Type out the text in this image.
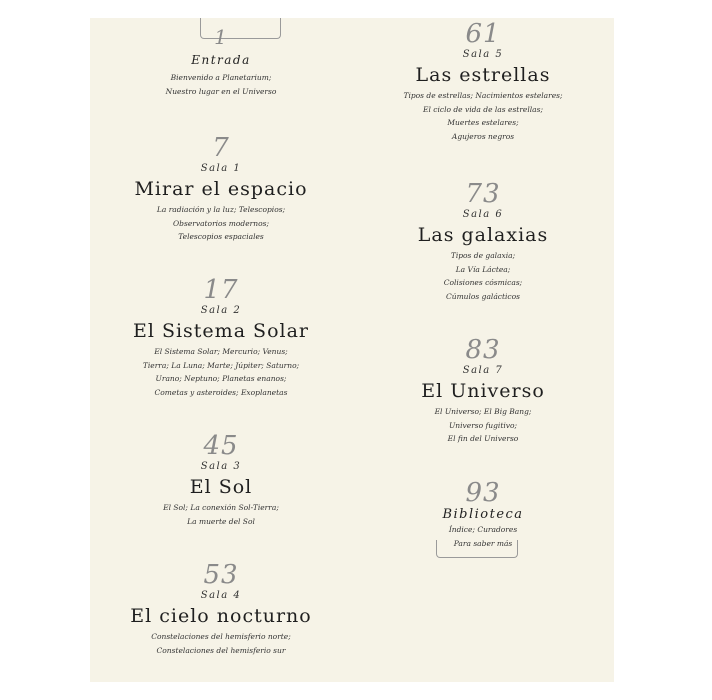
1
Entrada
Bienvenido a Planetarium;
Nuestro lugar en el Universo
7
Sala 1
Mirar el espacio
La radiación y la luz; Telescopios;
Observatorios modernos;
Telescopios espaciales
17
Sala 2
El Sistema Solar
El Sistema Solar; Mercurio; Venus;
Tierra; La Luna; Marte; Júpiter; Saturno;
Urano; Neptuno; Planetas enanos;
Cometas y asteroides; Exoplanetas
45
Sala 3
El Sol
El Sol; La conexión Sol-Tierra;
La muerte del Sol
53
Sala 4
El cielo nocturno
Constelaciones del hemisferio norte;
Constelaciones del hemisferio sur
61
Sala 5
Las estrellas
Tipos de estrellas; Nacimientos estelares;
El ciclo de vida de las estrellas;
Muertes estelares;
Agujeros negros
73
Sala 6
Las galaxias
Tipos de galaxia;
La Vía Láctea;
Colisiones cósmicas;
Cúmulos galácticos
83
Sala 7
El Universo
El Universo; El Big Bang;
Universo fugitivo;
El fin del Universo
93
Biblioteca
Índice; Curadores
Para saber más
